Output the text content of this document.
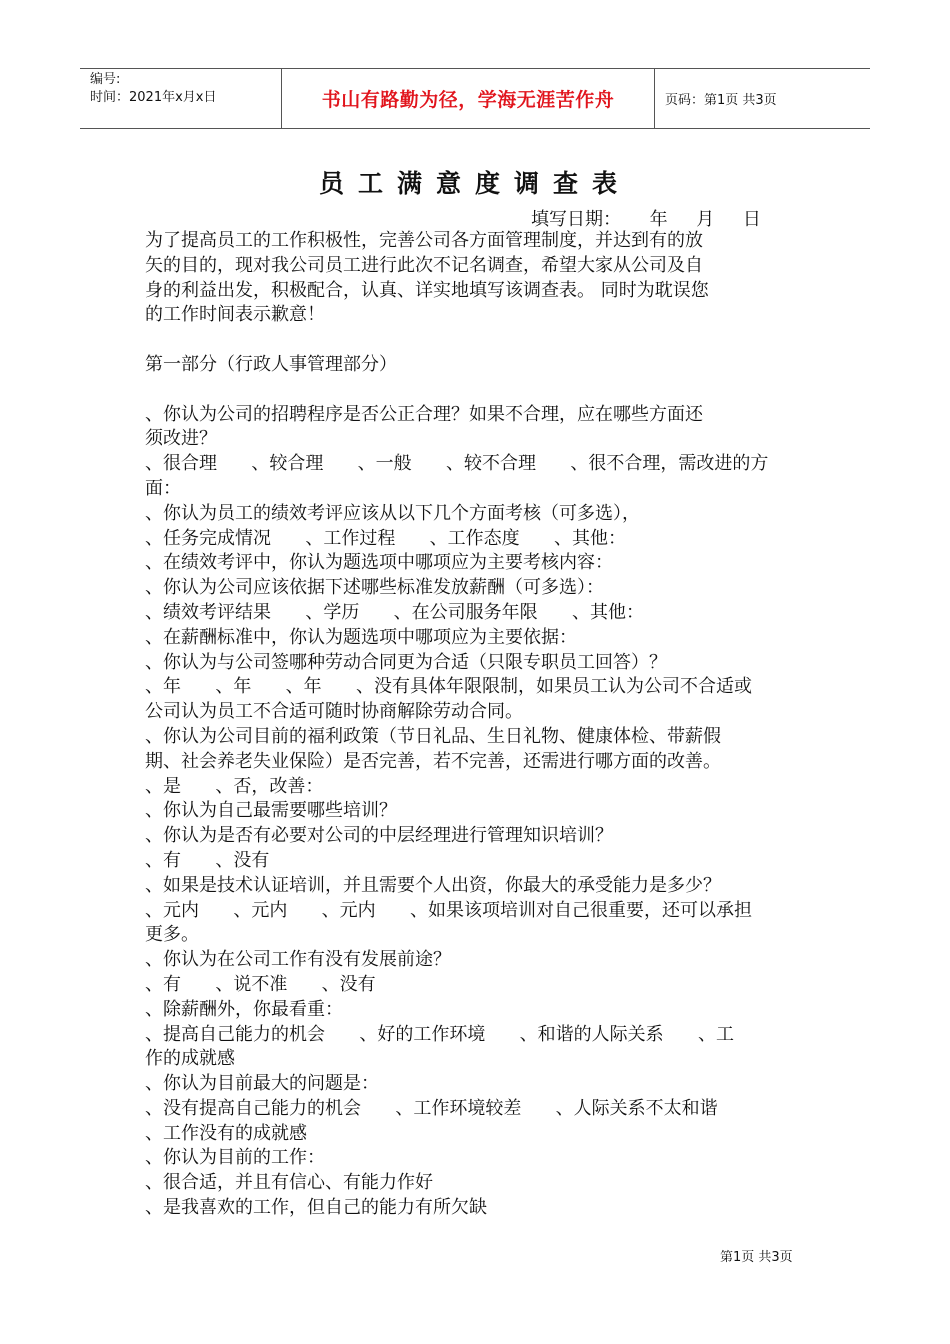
编号:
时间：2021年x月x日	书山有路勤为径，学海无涯苦作舟	页码：第1页 共3页
员工满意度调查表
填写日期：     年     月     日

为了提高员工的工作积极性，完善公司各方面管理制度，并达到有的放

矢的目的，现对我公司员工进行此次不记名调查，希望大家从公司及自

身的利益出发，积极配合，认真、详实地填写该调查表。 同时为耽误您

的工作时间表示歉意！

第一部分（行政人事管理部分）

、你认为公司的招聘程序是否公正合理？如果不合理，应在哪些方面还

须改进？

、很合理      、较合理      、一般      、较不合理      、很不合理，需改进的方

面：

、你认为员工的绩效考评应该从以下几个方面考核（可多选），

、任务完成情况      、工作过程      、工作态度      、其他：

、在绩效考评中，你认为题选项中哪项应为主要考核内容：

、你认为公司应该依据下述哪些标准发放薪酬（可多选）：

、绩效考评结果      、学历      、在公司服务年限      、其他：

、在薪酬标准中，你认为题选项中哪项应为主要依据：

、你认为与公司签哪种劳动合同更为合适（只限专职员工回答）？

、年      、年      、年      、没有具体年限限制，如果员工认为公司不合适或

公司认为员工不合适可随时协商解除劳动合同。

、你认为公司目前的福利政策（节日礼品、生日礼物、健康体检、带薪假

期、社会养老失业保险）是否完善，若不完善，还需进行哪方面的改善。

、是      、否，改善：

、你认为自己最需要哪些培训？

、你认为是否有必要对公司的中层经理进行管理知识培训？

、有      、没有

、如果是技术认证培训，并且需要个人出资，你最大的承受能力是多少？

、元内      、元内      、元内      、如果该项培训对自己很重要，还可以承担

更多。

、你认为在公司工作有没有发展前途？

、有      、说不准      、没有

、除薪酬外，你最看重：

、提高自己能力的机会      、好的工作环境      、和谐的人际关系      、工

作的成就感

、你认为目前最大的问题是：

、没有提高自己能力的机会      、工作环境较差      、人际关系不太和谐

、工作没有的成就感

、你认为目前的工作：

、很合适，并且有信心、有能力作好

、是我喜欢的工作，但自己的能力有所欠缺

第1页 共3页
